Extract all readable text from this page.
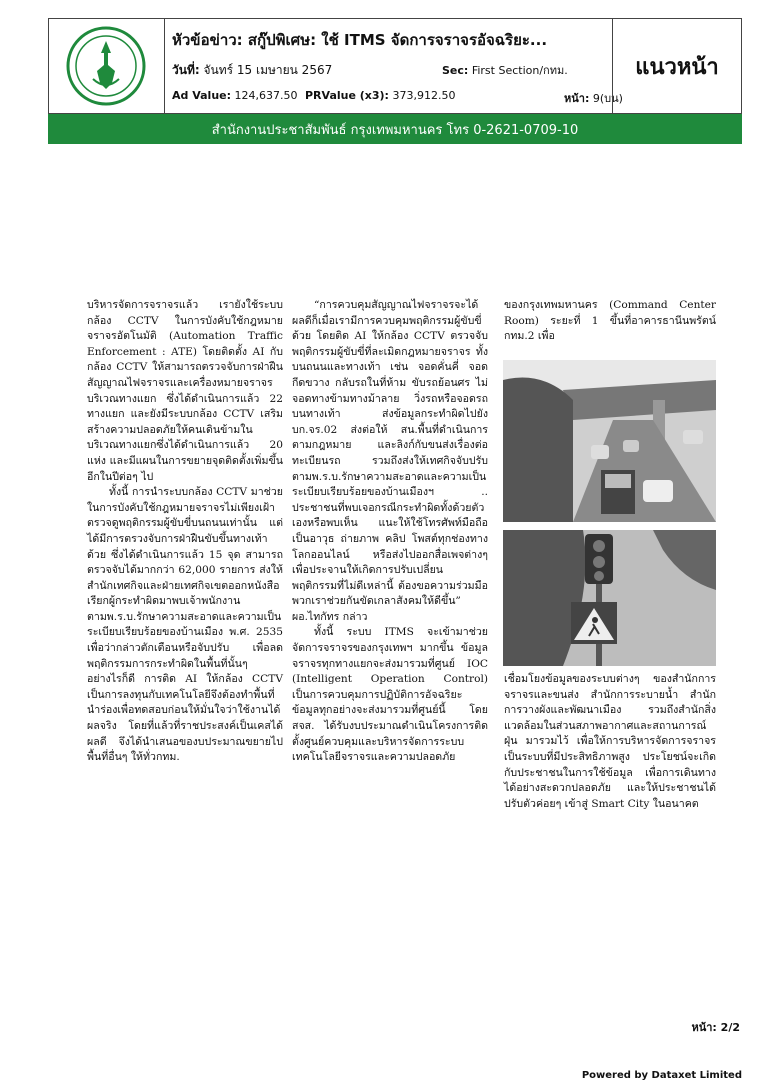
หัวข้อข่าว: สกู๊ปพิเศษ: ใช้ ITMS จัดการจราจรอัจฉริยะ...
วันที่: จันทร์ 15 เมษายน 2567	Sec: First Section/กทม.
Ad Value: 124,637.50 PRValue (x3): 373,912.50	หน้า: 9(บน)
แนวหน้า
สำนักงานประชาสัมพันธ์ กรุงเทพมหานคร โทร 0-2621-0709-10

บริหารจัดการจราจรแล้ว เรายังใช้ระบบกล้อง CCTV ในการบังคับใช้กฎหมายจราจรอัตโนมัติ (Automation Traffic Enforcement : ATE) โดยติดตั้ง AI กับกล้อง CCTV ให้สามารถตรวจจับการฝ่าฝืนสัญญาณไฟจราจรและเครื่องหมายจราจรบริเวณทางแยก ซึ่งได้ดำเนินการแล้ว 22 ทางแยก และยังมีระบบกล้อง CCTV เสริมสร้างความปลอดภัยให้คนเดินข้ามในบริเวณทางแยกซึ่งได้ดำเนินการแล้ว 20 แห่ง และมีแผนในการขยายจุดติดตั้งเพิ่มขึ้นอีกในปีต่อๆ ไป

ทั้งนี้ การนำระบบกล้อง CCTV มาช่วยในการบังคับใช้กฎหมายจราจรไม่เพียงเฝ้าตรวจดูพฤติกรรมผู้ขับขี่บนถนนเท่านั้น แต่ได้มีการตรวงจับการฝ่าฝืนขับขึ้นทางเท้าด้วย ซึ่งได้ดำเนินการแล้ว 15 จุด สามารถตรวจจับได้มากกว่า 62,000 รายการ ส่งให้สำนักเทศกิจและฝ่ายเทศกิจเขตออกหนังสือเรียกผู้กระทำผิดมาพบเจ้าพนักงาน ตามพ.ร.บ.รักษาความสะอาดและความเป็นระเบียบเรียบร้อยของบ้านเมือง พ.ศ. 2535 เพื่อว่ากล่าวตักเตือนหรือจับปรับ เพื่อลดพฤติกรรมการกระทำผิดในพื้นที่นั้นๆ อย่างไรก็ดี การติด AI ให้กล้อง CCTV เป็นการลงทุนกับเทคโนโลยีจึงต้องทำพื้นที่นำร่องเพื่อทดสอบก่อนให้มั่นใจว่าใช้งานได้ผลจริง โดยที่แล้วที่ราชประสงค์เป็นเคสได้ผลดี จึงได้นำเสนอของบประมาณขยายไปพื้นที่อื่นๆ ให้ทั่วกทม.

“การควบคุมสัญญาณไฟจราจรจะได้ผลดีก็เมื่อเรามีการควบคุมพฤติกรรมผู้ขับขี่ด้วย โดยติด AI ให้กล้อง CCTV ตรวจจับพฤติกรรมผู้ขับขี่ที่ละเมิดกฎหมายจราจร ทั้งบนถนนและทางเท้า เช่น จอดคั่นคี่ จอดกีดขวาง กลับรถในที่ห้าม ขับรถย้อนศร ไม่จอดทางข้ามทางม้าลาย วิ่งรถหรือจอดรถบนทางเท้า ส่งข้อมูลกระทำผิดไปยัง บก.จร.02 ส่งต่อให้ สน.พื้นที่ดำเนินการตามกฎหมาย และลิงก์กับขนส่งเรื่องต่อทะเบียนรถ รวมถึงส่งให้เทศกิจจับปรับตามพ.ร.บ.รักษาความสะอาดและความเป็นระเบียบเรียบร้อยของบ้านเมืองฯ .. ประชาชนที่พบเจอกรณีกระทำผิดทั้งด้วยตัวเองหรือพบเห็น แนะให้ใช้โทรศัพท์มือถือเป็นอาวุธ ถ่ายภาพ คลิป โพสต์ทุกช่องทางโลกออนไลน์ หรือส่งไปออกสื่อเพจต่างๆ เพื่อประจานให้เกิดการปรับเปลี่ยนพฤติกรรมที่ไม่ดีเหล่านี้ ต้องขอความร่วมมือพวกเราช่วยกันขัดเกลาสังคมให้ดีขึ้น” ผอ.ไทกัทร กล่าว

ทั้งนี้ ระบบ ITMS จะเข้ามาช่วยจัดการจราจรของกรุงเทพฯ มากขึ้น ข้อมูลจราจรทุกทางแยกจะส่งมารวมที่ศูนย์ IOC (Intelligent Operation Control) เป็นการควบคุมการปฏิบัติการอัจฉริยะ ข้อมูลทุกอย่างจะส่งมารวมที่ศูนย์นี้ โดย สจส. ได้รับงบประมาณดำเนินโครงการติดตั้งศูนย์ควบคุมและบริหารจัดการระบบเทคโนโลยีจราจรและความปลอดภัย

ของกรุงเทพมหานคร (Command Center Room) ระยะที่ 1 ขึ้นที่อาคารธานีนพรัตน์ กทม.2 เพื่อ

เชื่อมโยงข้อมูลของระบบต่างๆ ของสำนักการจราจรและขนส่ง สำนักการระบายน้ำ สำนักการวางผังและพัฒนาเมือง รวมถึงสำนักสิ่งแวดล้อมในส่วนสภาพอากาศและสถานการณ์ฝุ่น มารวมไว้ เพื่อให้การบริหารจัดการจราจรเป็นระบบที่มีประสิทธิภาพสูง ประโยชน์จะเกิดกับประชาชนในการใช้ข้อมูล เพื่อการเดินทางได้อย่างสะดวกปลอดภัย และให้ประชาชนได้ปรับตัวค่อยๆ เข้าสู่ Smart City ในอนาคต

หน้า: 2/2
Powered by Dataxet Limited
